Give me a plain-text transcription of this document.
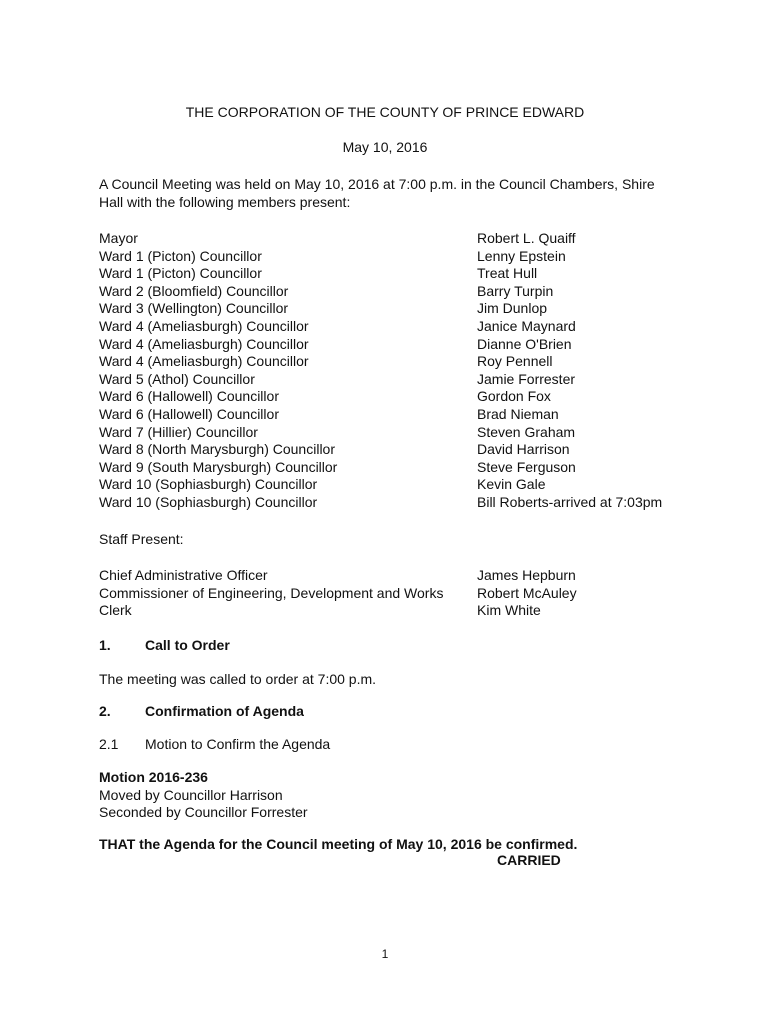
THE CORPORATION OF THE COUNTY OF PRINCE EDWARD
May 10, 2016
A Council Meeting was held on May 10, 2016 at 7:00 p.m. in the Council Chambers, Shire
Hall with the following members present:
Mayor
Ward 1 (Picton) Councillor
Ward 1 (Picton) Councillor
Ward 2 (Bloomfield) Councillor
Ward 3 (Wellington) Councillor
Ward 4 (Ameliasburgh) Councillor
Ward 4 (Ameliasburgh) Councillor
Ward 4 (Ameliasburgh) Councillor
Ward 5 (Athol) Councillor
Ward 6 (Hallowell) Councillor
Ward 6 (Hallowell) Councillor
Ward 7 (Hillier) Councillor
Ward 8 (North Marysburgh) Councillor
Ward 9 (South Marysburgh) Councillor
Ward 10 (Sophiasburgh) Councillor
Ward 10 (Sophiasburgh) Councillor
Robert L. Quaiff
Lenny Epstein
Treat Hull
Barry Turpin
Jim Dunlop
Janice Maynard
Dianne O'Brien
Roy Pennell
Jamie Forrester
Gordon Fox
Brad Nieman
Steven Graham
David Harrison
Steve Ferguson
Kevin Gale
Bill Roberts-arrived at 7:03pm
Staff Present:
Chief Administrative Officer
Commissioner of Engineering, Development and Works
Clerk
James Hepburn
Robert McAuley
Kim White
1. Call to Order
The meeting was called to order at 7:00 p.m.
2. Confirmation of Agenda
2.1 Motion to Confirm the Agenda
Motion 2016-236
Moved by Councillor Harrison
Seconded by Councillor Forrester
THAT the Agenda for the Council meeting of May 10, 2016 be confirmed.
CARRIED
1
